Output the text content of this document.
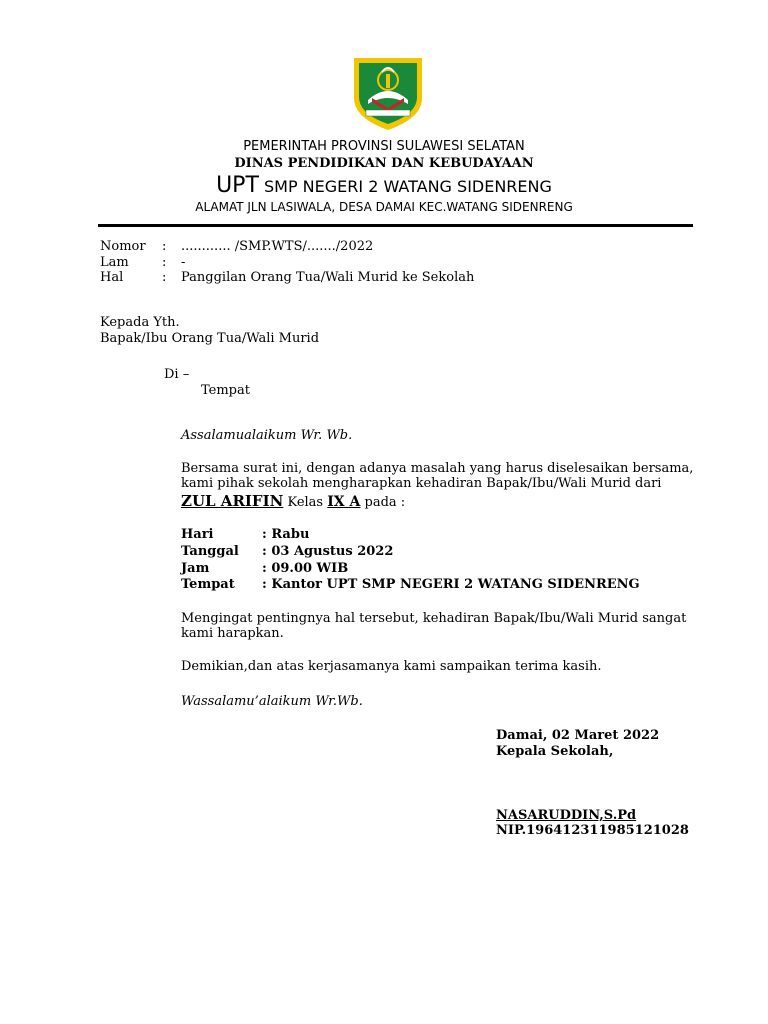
PEMERINTAH PROVINSI SULAWESI SELATAN
DINAS PENDIDIKAN DAN KEBUDAYAAN
UPT SMP NEGERI 2 WATANG SIDENRENG
ALAMAT JLN LASIWALA, DESA DAMAI KEC.WATANG SIDENRENG
Nomor : ............ /SMP.WTS/......./2022
Lam	: -
Hal	: Panggilan Orang Tua/Wali Murid ke Sekolah
Kepada Yth.
Bapak/Ibu Orang Tua/Wali Murid
Di –
Tempat
Assalamualaikum Wr. Wb.
Bersama surat ini, dengan adanya masalah yang harus diselesaikan bersama,
kami pihak sekolah mengharapkan kehadiran Bapak/Ibu/Wali Murid dari
ZUL ARIFIN Kelas IX A pada :
Hari	: Rabu
Tanggal : 03 Agustus 2022
Jam	: 09.00 WIB
Tempat : Kantor UPT SMP NEGERI 2 WATANG SIDENRENG
Mengingat pentingnya hal tersebut, kehadiran Bapak/Ibu/Wali Murid sangat
kami harapkan.
Demikian,dan atas kerjasamanya kami sampaikan terima kasih.
Wassalamu’alaikum Wr.Wb.
Damai, 02 Maret 2022
Kepala Sekolah,
NASARUDDIN,S.Pd
NIP.196412311985121028
